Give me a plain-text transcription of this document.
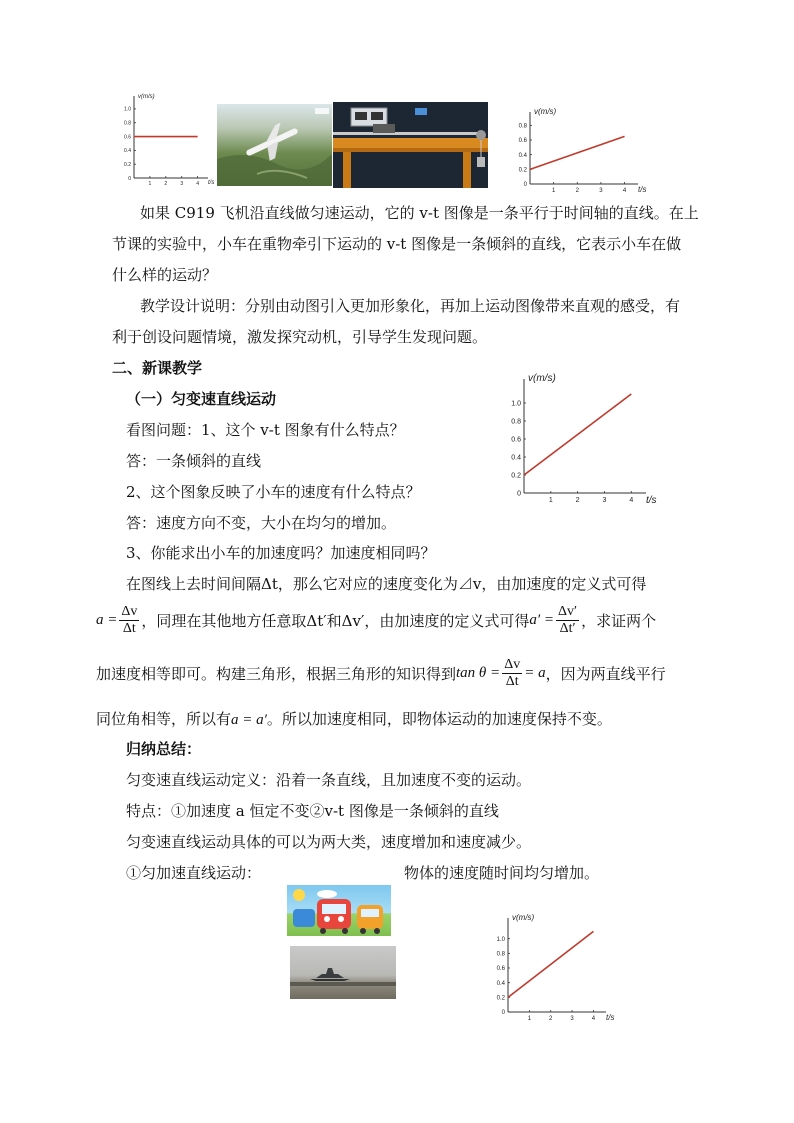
1.0
0.8
0.6
0.4
0.2
0
1	2	3	4
v(m/s)
t/s
0.8
0.6
0.4
0.2
0
1	2	3	4
v(m/s)
t/s

如果 C919 飞机沿直线做匀速运动，它的 v-t 图像是一条平行于时间轴的直线。在上

节课的实验中，小车在重物牵引下运动的 v-t 图像是一条倾斜的直线，它表示小车在做

什么样的运动？

教学设计说明：分别由动图引入更加形象化，再加上运动图像带来直观的感受，有

利于创设问题情境，激发探究动机，引导学生发现问题。

二、新课教学

（一）匀变速直线运动

看图问题：1、这个 v-t 图象有什么特点？

答：一条倾斜的直线

2、这个图象反映了小车的速度有什么特点？

答：速度方向不变，大小在均匀的增加。

3、你能求出小车的加速度吗？加速度相同吗？

1.0
0.8
0.6
0.4
0.2
0
1	2	3	4
v(m/s)
t/s

在图线上去时间间隔Δt，那么它对应的速度变化为⊿v，由加速度的定义式可得

$a = \frac{\Delta v}{\Delta t}$ ，同理在其他地方任意取Δt′和Δv′，由加速度的定义式可得 $a' = \frac{\Delta v'}{\Delta t'}$ ，求证两个
加速度相等即可。构建三角形，根据三角形的知识得到 $\tan \theta = \frac{\Delta v}{\Delta t} = a$ ，因为两直线平行
同位角相等，所以有a = a′。所以加速度相同，即物体运动的加速度保持不变。

归纳总结：

匀变速直线运动定义：沿着一条直线，且加速度不变的运动。

特点：①加速度 a 恒定不变②v-t 图像是一条倾斜的直线

匀变速直线运动具体的可以为两大类，速度增加和速度减少。

①匀加速直线运动：	物体的速度随时间均匀增加。

1.0
0.8
0.6
0.4
0.2
0
1	2	3	4
v(m/s)
t/s
